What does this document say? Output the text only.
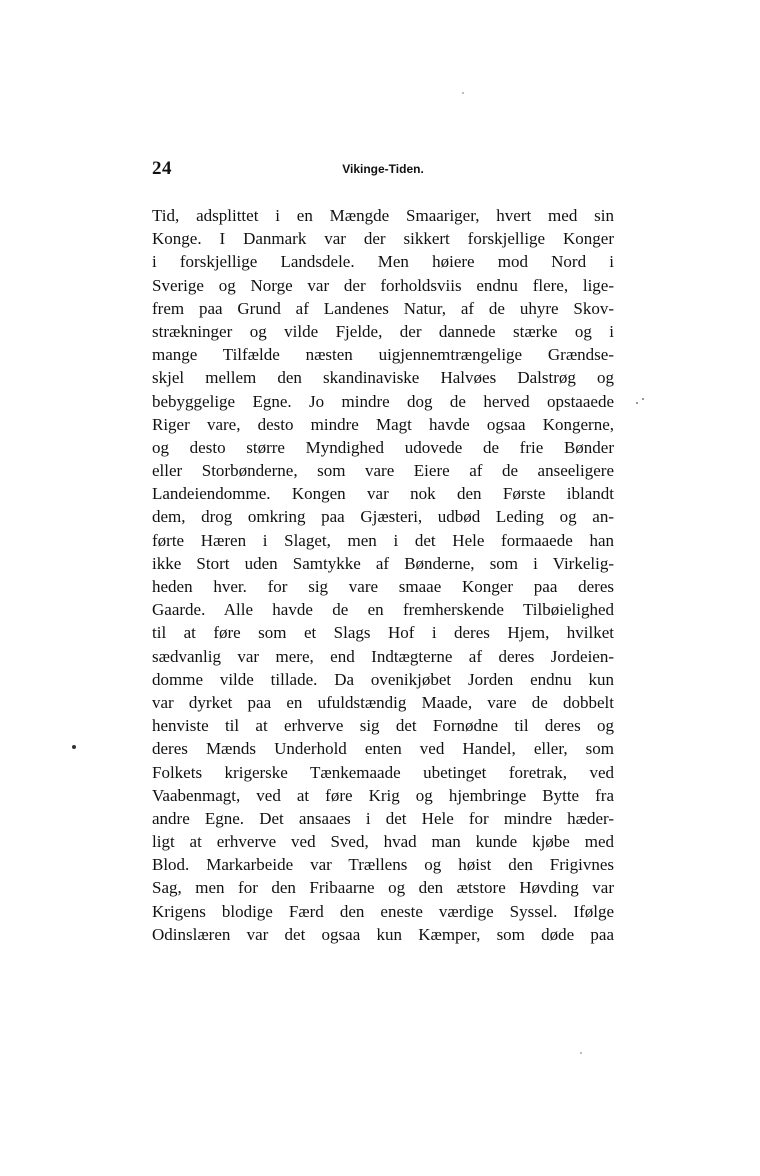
24	Vikinge-Tiden.
Tid, adsplittet i en Mængde Smaariger, hvert med sin
Konge. I Danmark var der sikkert forskjellige Konger
i forskjellige Landsdele. Men høiere mod Nord i
Sverige og Norge var der forholdsviis endnu flere, lige-
frem paa Grund af Landenes Natur, af de uhyre Skov-
strækninger og vilde Fjelde, der dannede stærke og i
mange Tilfælde næsten uigjennemtrængelige Grændse-
skjel mellem den skandinaviske Halvøes Dalstrøg og
bebyggelige Egne. Jo mindre dog de herved opstaaede
Riger vare, desto mindre Magt havde ogsaa Kongerne,
og desto større Myndighed udovede de frie Bønder
eller Storbønderne, som vare Eiere af de anseeligere
Landeiendomme. Kongen var nok den Første iblandt
dem, drog omkring paa Gjæsteri, udbød Leding og an-
førte Hæren i Slaget, men i det Hele formaaede han
ikke Stort uden Samtykke af Bønderne, som i Virkelig-
heden hver. for sig vare smaae Konger paa deres
Gaarde. Alle havde de en fremherskende Tilbøielighed
til at føre som et Slags Hof i deres Hjem, hvilket
sædvanlig var mere, end Indtægterne af deres Jordeien-
domme vilde tillade. Da ovenikjøbet Jorden endnu kun
var dyrket paa en ufuldstændig Maade, vare de dobbelt
henviste til at erhverve sig det Fornødne til deres og
deres Mænds Underhold enten ved Handel, eller, som
Folkets krigerske Tænkemaade ubetinget foretrak, ved
Vaabenmagt, ved at føre Krig og hjembringe Bytte fra
andre Egne. Det ansaaes i det Hele for mindre hæder-
ligt at erhverve ved Sved, hvad man kunde kjøbe med
Blod. Markarbeide var Trællens og høist den Frigivnes
Sag, men for den Fribaarne og den ætstore Høvding var
Krigens blodige Færd den eneste værdige Syssel. Ifølge
Odinslæren var det ogsaa kun Kæmper, som døde paa
